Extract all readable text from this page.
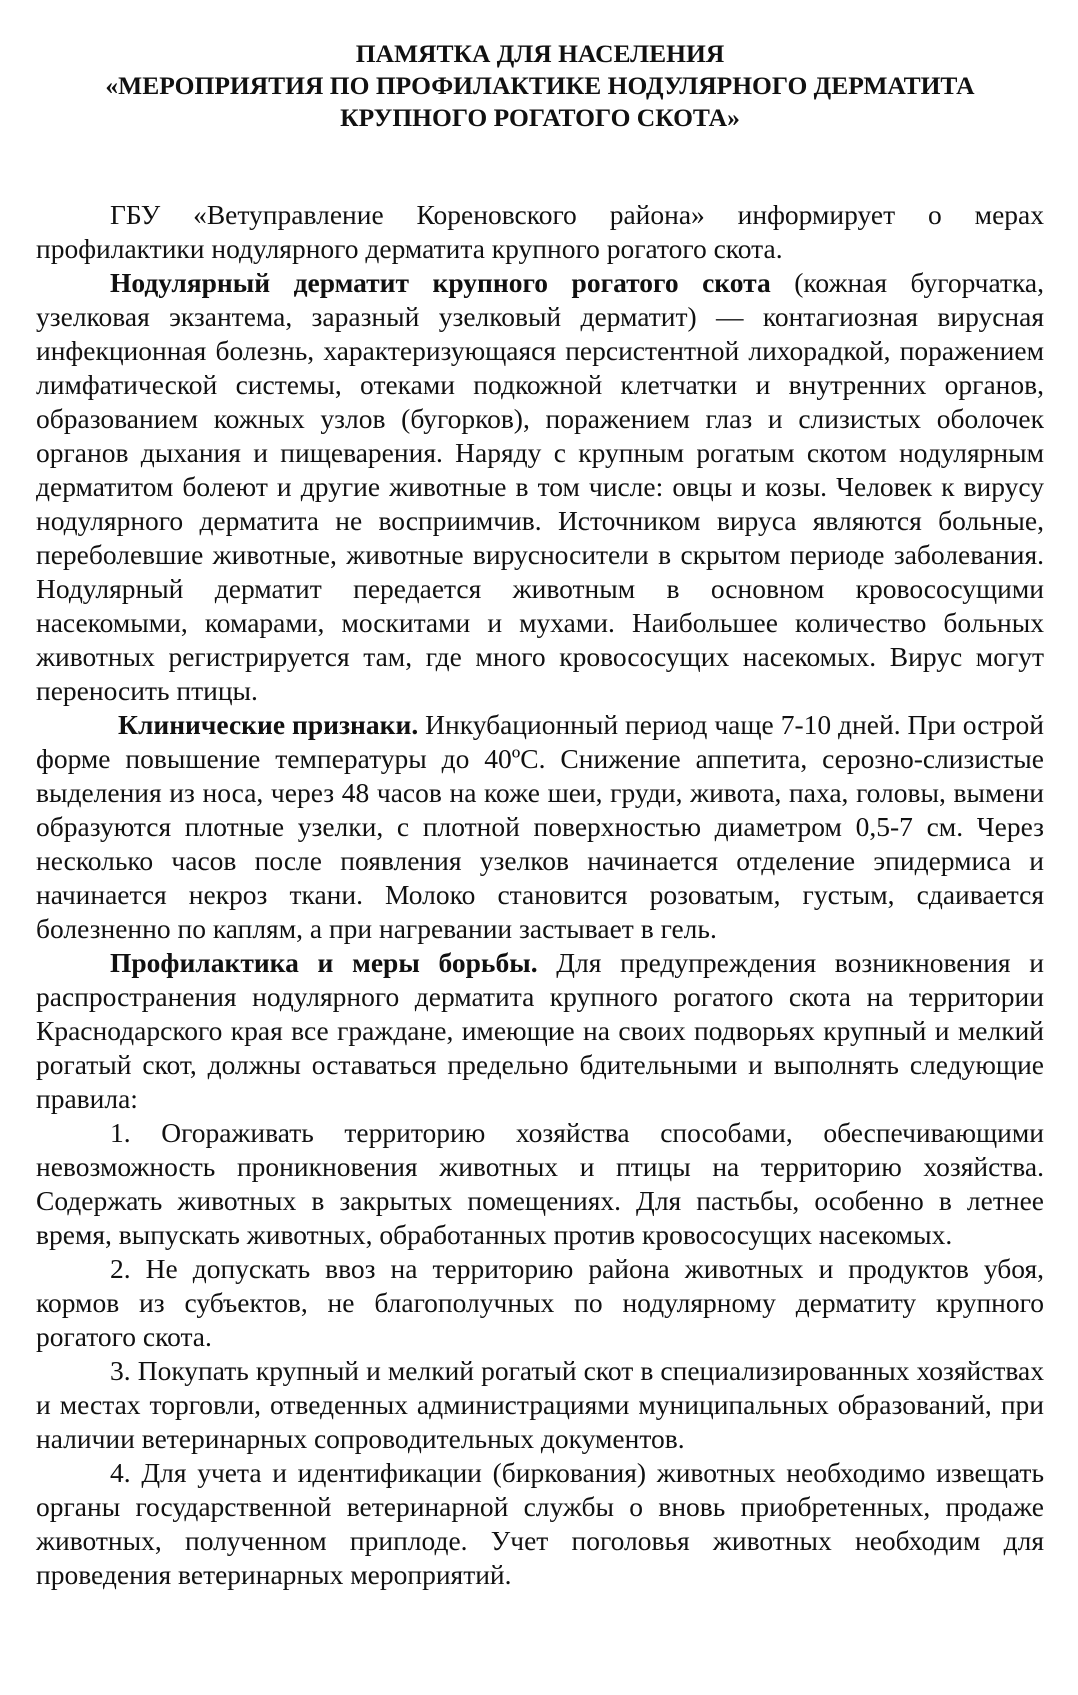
ПАМЯТКА ДЛЯ НАСЕЛЕНИЯ
«МЕРОПРИЯТИЯ ПО ПРОФИЛАКТИКЕ НОДУЛЯРНОГО ДЕРМАТИТА
КРУПНОГО РОГАТОГО СКОТА»

ГБУ «Ветуправление Кореновского района» информирует о мерах профилактики нодулярного дерматита крупного рогатого скота.

Нодулярный дерматит крупного рогатого скота (кожная бугорчатка, узелковая экзантема, заразный узелковый дерматит) — контагиозная вирусная инфекционная болезнь, характеризующаяся персистентной лихорадкой, поражением лимфатической системы, отеками подкожной клетчатки и внутренних органов, образованием кожных узлов (бугорков), поражением глаз и слизистых оболочек органов дыхания и пищеварения. Наряду с крупным рогатым скотом нодулярным дерматитом болеют и другие животные в том числе: овцы и козы. Человек к вирусу нодулярного дерматита не восприимчив. Источником вируса являются больные, переболевшие животные, животные вирусносители в скрытом периоде заболевания. Нодулярный дерматит передается животным в основном кровососущими насекомыми, комарами, москитами и мухами. Наибольшее количество больных животных регистрируется там, где много кровососущих насекомых. Вирус могут переносить птицы.

Клинические признаки. Инкубационный период чаще 7-10 дней. При острой форме повышение температуры до 40ºС. Снижение аппетита, серозно-слизистые выделения из носа, через 48 часов на коже шеи, груди, живота, паха, головы, вымени образуются плотные узелки, с плотной поверхностью диаметром 0,5-7 см. Через несколько часов после появления узелков начинается отделение эпидермиса и начинается некроз ткани. Молоко становится розоватым, густым, сдаивается болезненно по каплям, а при нагревании застывает в гель.

Профилактика и меры борьбы. Для предупреждения возникновения и распространения нодулярного дерматита крупного рогатого скота на территории Краснодарского края все граждане, имеющие на своих подворьях крупный и мелкий рогатый скот, должны оставаться предельно бдительными и выполнять следующие правила:

1. Огораживать территорию хозяйства способами, обеспечивающими невозможность проникновения животных и птицы на территорию хозяйства. Содержать животных в закрытых помещениях. Для пастьбы, особенно в летнее время, выпускать животных, обработанных против кровососущих насекомых.

2. Не допускать ввоз на территорию района животных и продуктов убоя, кормов из субъектов, не благополучных по нодулярному дерматиту крупного рогатого скота.

3. Покупать крупный и мелкий рогатый скот в специализированных хозяйствах и местах торговли, отведенных администрациями муниципальных образований, при наличии ветеринарных сопроводительных документов.

4. Для учета и идентификации (биркования) животных необходимо извещать органы государственной ветеринарной службы о вновь приобретенных, продаже животных, полученном приплоде. Учет поголовья животных необходим для проведения ветеринарных мероприятий.
